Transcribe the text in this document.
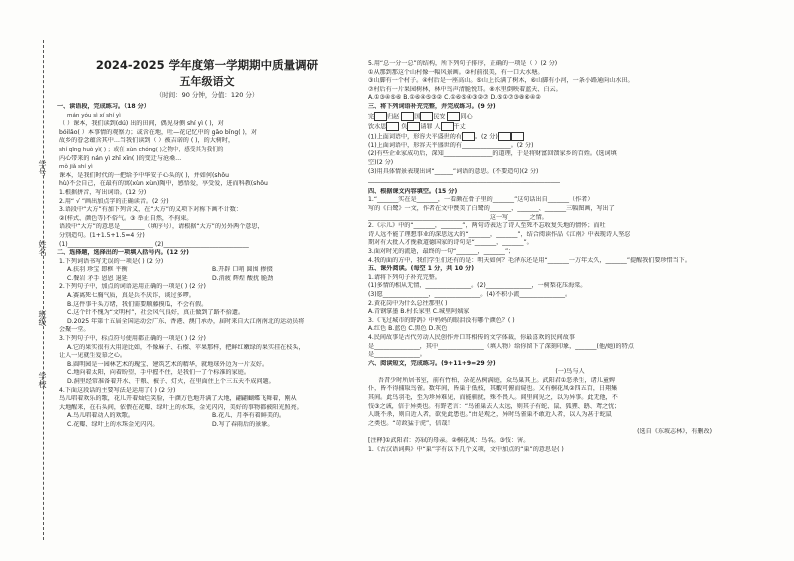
学号
姓名
班级
学校
2024-2025 学年度第一学期期中质量调研
五年级语文
（时间：90 分钟，分值：120 分）
一、读语段，完成练习。（18 分）
mán yóu sì xí shí yì
（ ）课本，我们读到(dú) 出的田间，偶见身侧 shí yì ( )，对
bóilǎo( ）本事情的观察力；或含在地，吐—花记忆中的 gāo bǐng( )，对
故乡的眷念蕴含其中…当我们读到（ ）被吉诺的 ( )，的大树时，
shí qīng huò yì( ) ；或在 xùn chóng( )之物中，感受其为我们的
内心带来的 nán yì zhī xīn( )的变迁与沧桑…
mǒ jiǎ shí yì
课本，是我们时代的一把给予中华安子心头的( )，并如何(shōu
hù)不会自己，在最有的寓(xùn xùn)陶中，感悟爱，享受爱，进而科教(shōu
1.根据拼音，写出词语。(12 分)
2.用“ √ ”画出加点字的正确读音。(2 分)
3.语段中“大方”有加下列含义，在“大方”的义项下对称下画不计数：
②(样式、颜色等)不俗气。③ 举止自然，不拘束。
语段中“大方”的意思是________（填序号），请根据“大方”的另外两个意思，
分别造句。(1+1.5+1.5=4 分)
(1)____________________________ (2)____________________________
二、选择题，选择出的一项填入括号内。(12 分)
1.下列词语书写无误的一项是( ) (2 分)
A.扶羽 珍宝 即框 平衡	B.开辟 口哨 圆围 掺掇
C.餐岩 矛手 恩恩 退延	D.消疲 辉煌 酸扰 脆劲
2.下列句子中，加点的词语运用正确的一项是( ) (2 分)
A.赛离死七胸气质，真是兵不厌诈，谈过多啰。
B.这件事千头万绪，我们需要顺藤摸瓜，不会有假。
C.这个针不愧为“文明村”，社会风气良好，真正做到了路不拾遗。
D.2025 年第十五届全国运动会广东、香港、澳门承办，届时来自大江南南北的运动员将
会聚一堂。
3.下列句子中，标点符号使用都正确的一项是( ) (2 分)
A.它的果实很有大用途比如，不像麻子、石榴、苹果那样，把鲜红嫩绿的果实挂在枝头，
让人一见就生爱慕之心。
B.圆明园是一园林艺术的瑰宝、建筑艺术的精华，就地球外边为一片友好。
C.地向着太阳，向着盼望，手中握不住，是我们一了个标准的家庭。
D.洞里经常准备着开水、干粮、被子、灯火，在里面住上个三五天不成问题。
4.下面这段话的主要写法是运用了( ) (2 分)
鸟儿唱着欢乐的歌，花儿开着灿烂笑脸，千颜万色地开满了大地，翩翩蝴蝶飞舞着，刚从
大地醒来，在石头间，依偎在花瓣、绿叶上的水珠，金光闪闪，美好的事物都被阳光照亮。
A.鸟儿唱着动人的欢歌。	B.花儿、月季有着鲜美的。
C.花瓣、绿叶上的水珠金光闪闪。	D.写了春雨后的景象。
5.用“总一分一总”的结构，所下列句子排序，正确的一项是（ ）(2 分)
①从那到那这个山村像一幅风景画。②村前很美，有一口大水塘。
③山脚有一个村子。④村后是一座高山。⑤山上长满了树木，⑥山脚有小河，一条小路通向山水田。
⑦村后有一片果园树林，林中鸟声清脆悦耳。⑧水里倒映着蓝天、白云。
A.①③④⑤⑥ B.①⑥④⑤③② C.①⑥⑤④③②⑦ D.⑤①⑦③⑧⑥④②
三、将下列词语补充完整，并完成练习。(9 分)
完 归赵 国 民安 同心
饮水思 负 请罪 人 千丈
(1)上面词语中，形容夫平盛世的有 。(2 分)
(1)上面词语中，形容夫平盛世的有________________。(2 分)
(2)有些企业家成功后，深知________________的道理，于是将财富回馈家乡的百姓。(选词填
空)(2 分)
(3)用具体情景表现出词“______”词语的意思。(不要造句)(2 分)
_______________________________________________________________
四、根据课文内容填空。(15 分)
1.“_______实在是_______，一看颇在骨子里的_______”这句话出自_______（作者）
写的《白鹭》一文，作者在文中赞美了白鹭的_______、_______、_______三幅图画，写出了
________________________________________这一写_______之情。
2.《示儿》中的“_______，_______”，两句诗表达了诗人至死不忘收复失地的情怀；而吐
诗人远不能了理想事业的深思远大的“_______，_______”，结合阅读作品《江南》中表现诗人坚忍
期对有大批人才挽救道德国家的诗句是“_______，_______”。
3.面对时光的流逝，最终的一句“_______，_______”；
4.我的面的方中，我们学生们还有的是：明天如何？毛泽东还是用“_______一万年太久，_______”提醒我们要珍惜当下。
五、课外阅读。(每空 1 分，共 10 分)
1.请将下列句子补充完整。
(1)多情的相从无情，_______________。(2)_______________，一树梨花压海棠。
(3)愿_______________，_______________。(4)不积小流_______________。
2.黄花岗中为什么总往那里( )
A.青钢掌墨 B.村长家里 C.城里阿姨家
3.《飞过城市的野鸽》中妈妈的眼泪没有哪个颜色？( )
A.红色 B.蓝色 C.黑色 D.灰色
4.民间故事是古代劳动人民创作并口耳相传的文学体裁，你最喜欢的民间故事
是_______________，其中_______________（填人物）给你留下了深刻印象，_______(他/她)的特点
是_______________。
六、阅读短文，完成练习。(9+11+9=29 分)
(一)鸟与人
吾昔少时所居书室，前有竹柏，杂花丛树满庭，众鸟巢其上。武阳君①恶杀生，诸儿童婢
仆，皆不得捕取鸟雀。数年间，皆巢于低枝，其鷇可俯而窥也。又有桐花凤②四五百，日翔集
其间。此鸟羽毛，至为珍异难见，而能驯扰，殊不畏人。闾里间见之，以为异事。此无他，不
忮③之诚，信于异类也。有野老言：“鸟雀巢去人太远，则其子有蛇、鼠、狐狸、鸱、鸢之忧；
人既不杀，则自近人者，欲免此患也。”由是观之，异时鸟雀巢不敢近人者，以人为甚于蛇鼠
之类也。“苛政猛于虎”，信哉！
(选自《东坡志林》，有删改)
[注释]①武阳君：苏轼的母亲。②桐花凤：鸟名。③忮：害。
1.《古汉语词典》中“巢”字有以下几个义项，文中加点的“巢”的意思是( )
